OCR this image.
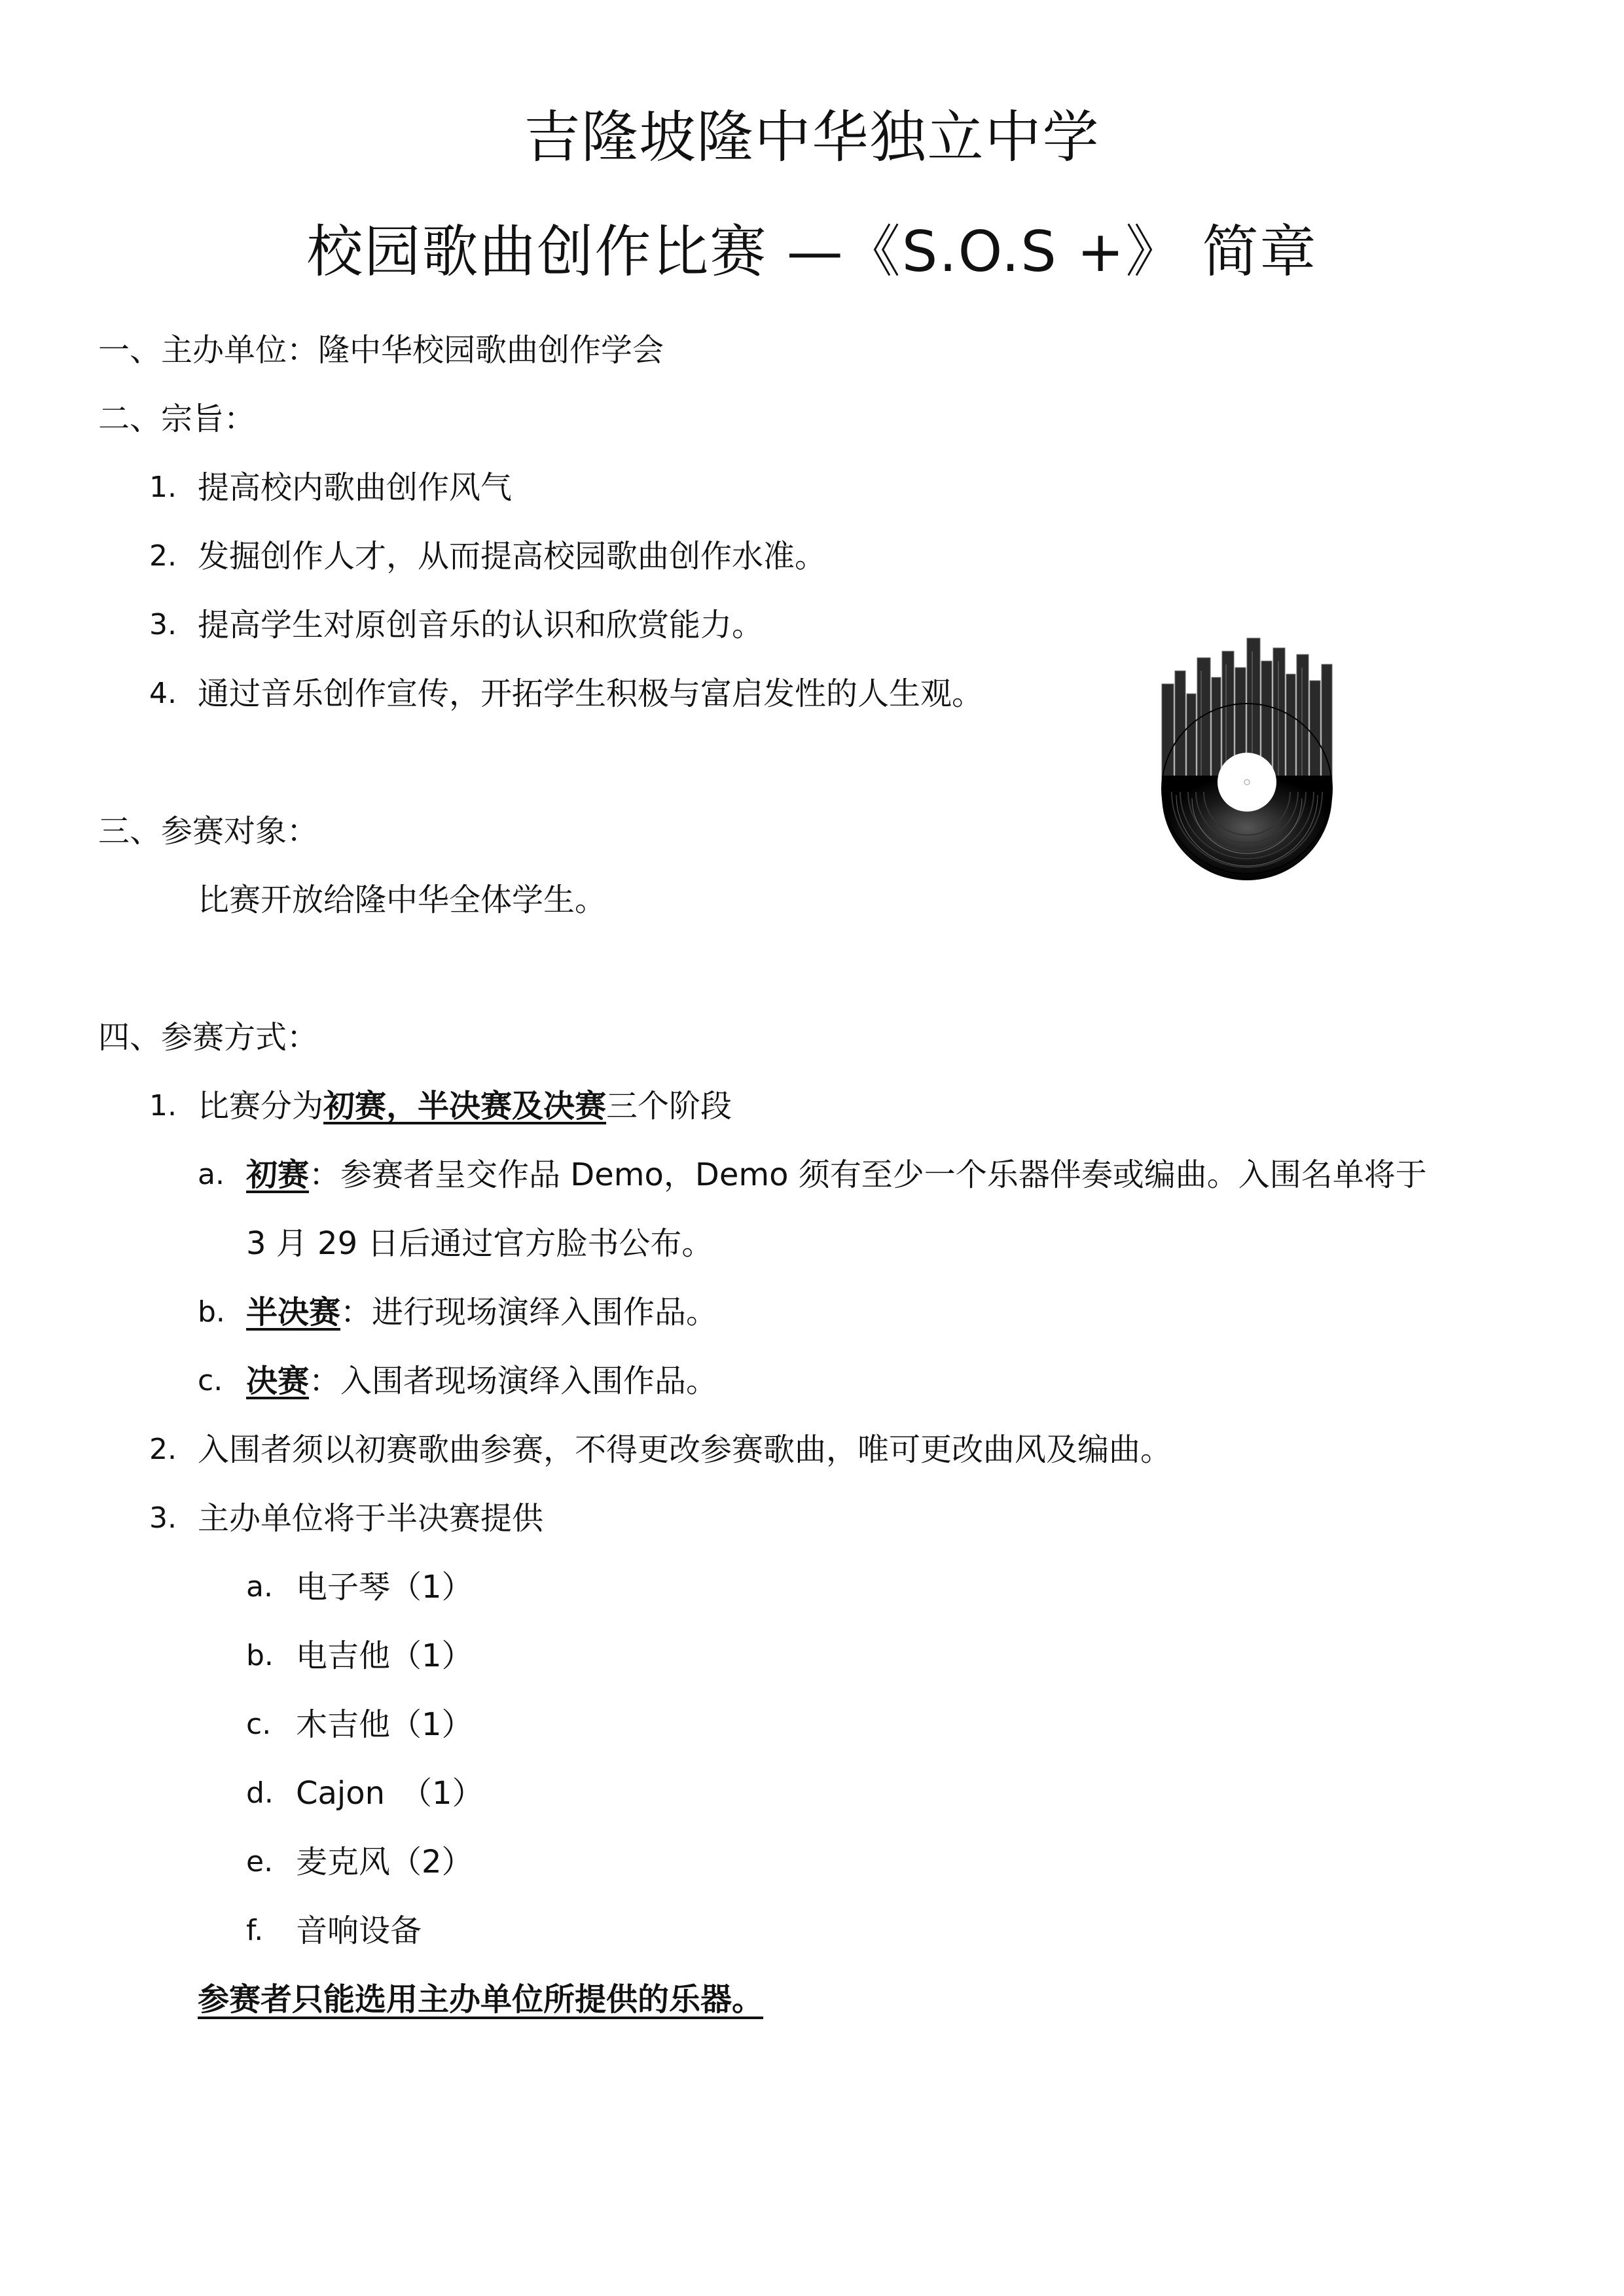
吉隆坡隆中华独立中学
校园歌曲创作比赛 —《S.O.S +》 简章
一、主办单位：隆中华校园歌曲创作学会
二、宗旨：
1. 提高校内歌曲创作风气
2. 发掘创作人才，从而提高校园歌曲创作水准。
3. 提高学生对原创音乐的认识和欣赏能力。
4. 通过音乐创作宣传，开拓学生积极与富启发性的人生观。
三、参赛对象：
比赛开放给隆中华全体学生。
四、参赛方式：
1. 比赛分为初赛，半决赛及决赛三个阶段
a. 初赛：参赛者呈交作品 Demo，Demo 须有至少一个乐器伴奏或编曲。入围名单将于
3 月 29 日后通过官方脸书公布。
b. 半决赛：进行现场演绎入围作品。
c. 决赛：入围者现场演绎入围作品。
2. 入围者须以初赛歌曲参赛，不得更改参赛歌曲，唯可更改曲风及编曲。
3. 主办单位将于半决赛提供
a. 电子琴（1）
b. 电吉他（1）
c. 木吉他（1）
d. Cajon　（1）
e. 麦克风（2）
f. 音响设备
参赛者只能选用主办单位所提供的乐器。
